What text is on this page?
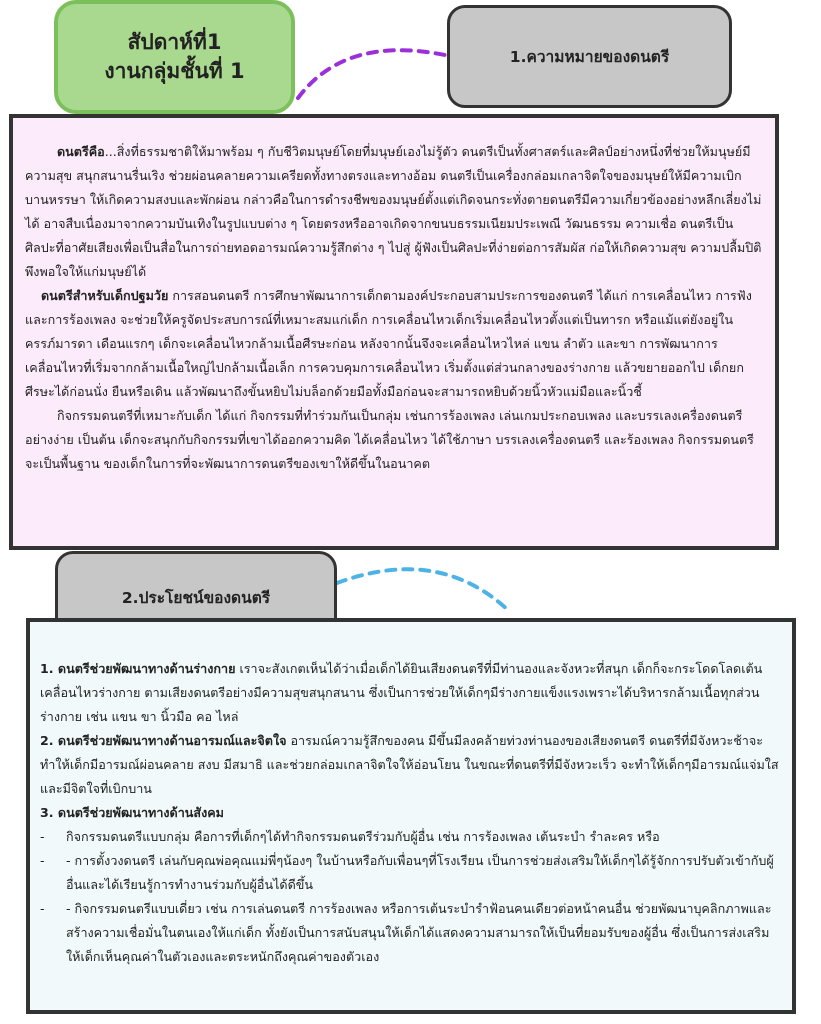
สัปดาห์ที่1
งานกลุ่มชั้นที่ 1
1.ความหมายของดนตรี

ดนตรีคือ...สิ่งที่ธรรมชาติให้มาพร้อม ๆ กับชีวิตมนุษย์โดยที่มนุษย์เองไม่รู้ตัว ดนตรีเป็นทั้งศาสตร์และศิลป์อย่างหนึ่งที่ช่วยให้มนุษย์มีความสุข สนุกสนานรื่นเริง ช่วยผ่อนคลายความเครียดทั้งทางตรงและทางอ้อม ดนตรีเป็นเครื่องกล่อมเกลาจิตใจของมนุษย์ให้มีความเบิกบานหรรษา ให้เกิดความสงบและพักผ่อน กล่าวคือในการดำรงชีพของมนุษย์ตั้งแต่เกิดจนกระทั่งตายดนตรีมีความเกี่ยวข้องอย่างหลีกเลี่ยงไม่ได้ อาจสืบเนื่องมาจากความบันเทิงในรูปแบบต่าง ๆ โดยตรงหรืออาจเกิดจากขนบธรรมเนียมประเพณี วัฒนธรรม ความเชื่อ ดนตรีเป็นศิลปะที่อาศัยเสียงเพื่อเป็นสื่อในการถ่ายทอดอารมณ์ความรู้สึกต่าง ๆ ไปสู่ ผู้ฟังเป็นศิลปะที่ง่ายต่อการสัมผัส ก่อให้เกิดความสุข ความปลื้มปิติพึงพอใจให้แก่มนุษย์ได้

ดนตรีสำหรับเด็กปฐมวัย การสอนดนตรี การศึกษาพัฒนาการเด็กตามองค์ประกอบสามประการของดนตรี ได้แก่ การเคลื่อนไหว การฟัง และการร้องเพลง จะช่วยให้ครูจัดประสบการณ์ที่เหมาะสมแก่เด็ก การเคลื่อนไหวเด็กเริ่มเคลื่อนไหวตั้งแต่เป็นทารก หรือแม้แต่ยังอยู่ในครรภ์มารดา เดือนแรกๆ เด็กจะเคลื่อนไหวกล้ามเนื้อศีรษะก่อน หลังจากนั้นจึงจะเคลื่อนไหวไหล่ แขน ลำตัว และขา การพัฒนาการเคลื่อนไหวที่เริ่มจากกล้ามเนื้อใหญ่ไปกล้ามเนื้อเล็ก การควบคุมการเคลื่อนไหว เริ่มตั้งแต่ส่วนกลางของร่างกาย แล้วขยายออกไป เด็กยกศีรษะได้ก่อนนั่ง ยืนหรือเดิน แล้วพัฒนาถึงขั้นหยิบไม่บล็อกด้วยมือทั้งมือก่อนจะสามารถหยิบด้วยนิ้วหัวแม่มือและนิ้วชี้

กิจกรรมดนตรีที่เหมาะกับเด็ก ได้แก่ กิจกรรมที่ทำร่วมกันเป็นกลุ่ม เช่นการร้องเพลง เล่นเกมประกอบเพลง และบรรเลงเครื่องดนตรีอย่างง่าย เป็นต้น เด็กจะสนุกกับกิจกรรมที่เขาได้ออกความคิด ได้เคลื่อนไหว ได้ใช้ภาษา บรรเลงเครื่องดนตรี และร้องเพลง กิจกรรมดนตรีจะเป็นพื้นฐาน ของเด็กในการที่จะพัฒนาการดนตรีของเขาให้ดีขึ้นในอนาคต

2.ประโยชน์ของดนตรี

1. ดนตรีช่วยพัฒนาทางด้านร่างกาย เราจะสังเกตเห็นได้ว่าเมื่อเด็กได้ยินเสียงดนตรีที่มีท่านองและจังหวะที่สนุก เด็กก็จะกระโดดโลดเต้น เคลื่อนไหวร่างกาย ตามเสียงดนตรีอย่างมีความสุขสนุกสนาน ซึ่งเป็นการช่วยให้เด็กๆมีร่างกายแข็งแรงเพราะได้บริหารกล้ามเนื้อทุกส่วนร่างกาย เช่น แขน ขา นิ้วมือ คอ ไหล่

2. ดนตรีช่วยพัฒนาทางด้านอารมณ์และจิตใจ อารมณ์ความรู้สึกของคน มีขึ้นมีลงคล้ายท่วงท่านองของเสียงดนตรี ดนตรีที่มีจังหวะช้าจะทำให้เด็กมีอารมณ์ผ่อนคลาย สงบ มีสมาธิ และช่วยกล่อมเกลาจิตใจให้อ่อนโยน ในขณะที่ดนตรีที่มีจังหวะเร็ว จะทำให้เด็กๆมีอารมณ์แจ่มใส และมีจิตใจที่เบิกบาน

3. ดนตรีช่วยพัฒนาทางด้านสังคม

-	กิจกรรมดนตรีแบบกลุ่ม คือการที่เด็กๆได้ทำกิจกรรมดนตรีร่วมกับผู้อื่น เช่น การร้องเพลง เต้นระบำ รำละคร หรือ
-	- การตั้งวงดนตรี เล่นกับคุณพ่อคุณแม่พี่ๆน้องๆ ในบ้านหรือกับเพื่อนๆที่โรงเรียน เป็นการช่วยส่งเสริมให้เด็กๆได้รู้จักการปรับตัวเข้ากับผู้อื่นและได้เรียนรู้การทำงานร่วมกับผู้อื่นได้ดีขึ้น
-	- กิจกรรมดนตรีแบบเดี่ยว เช่น การเล่นดนตรี การร้องเพลง หรือการเต้นระบำรำฟ้อนคนเดียวต่อหน้าคนอื่น ช่วยพัฒนาบุคลิกภาพและสร้างความเชื่อมั่นในตนเองให้แก่เด็ก ทั้งยังเป็นการสนับสนุนให้เด็กได้แสดงความสามารถให้เป็นที่ยอมรับของผู้อื่น ซึ่งเป็นการส่งเสริมให้เด็กเห็นคุณค่าในตัวเองและตระหนักถึงคุณค่าของตัวเอง
